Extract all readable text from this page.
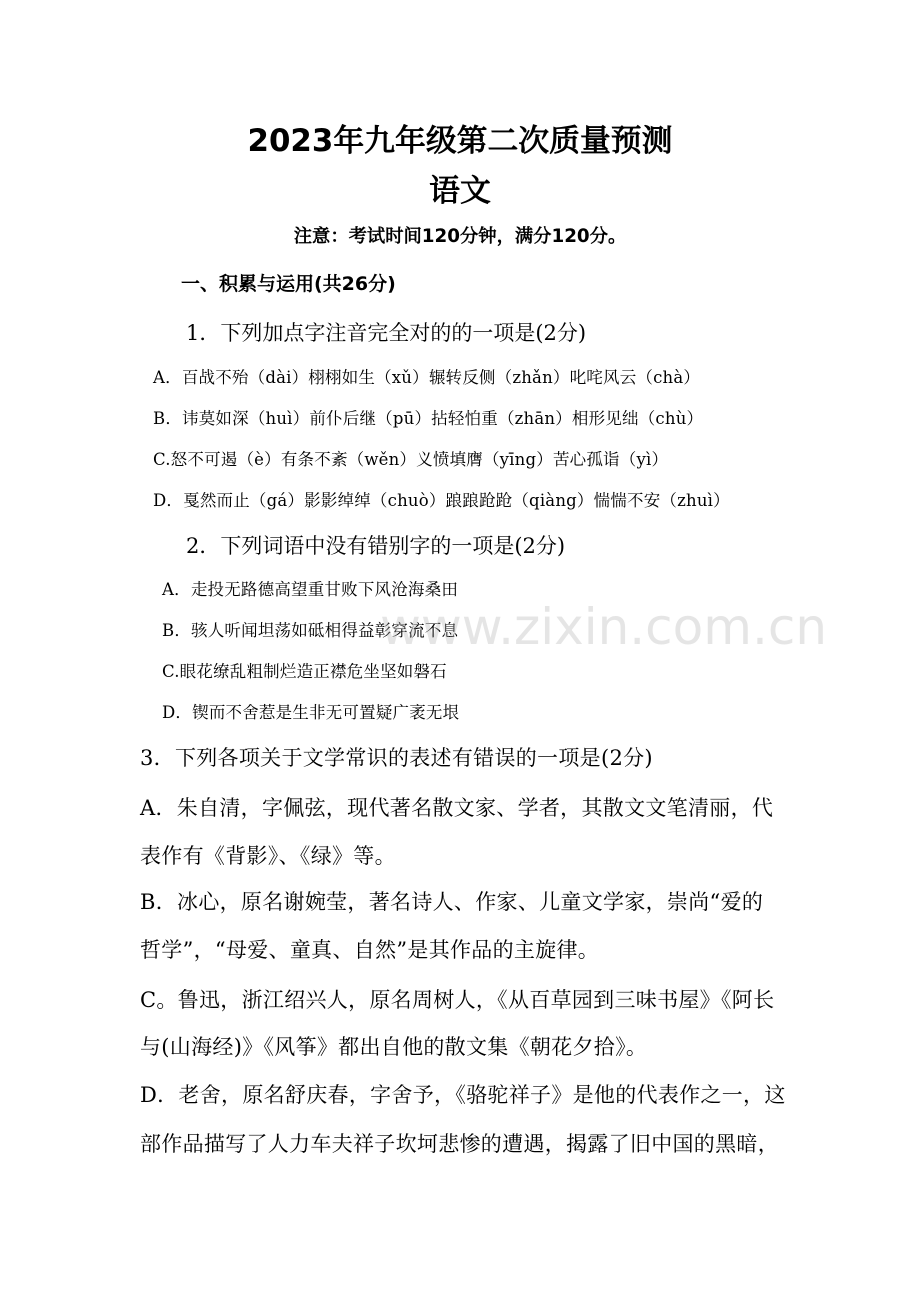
2023年九年级第二次质量预测
语文
注意：考试时间120分钟，满分120分。
一、积累与运用(共26分)
1．下列加点字注音完全对的的一项是(2分)
A．百战不殆（dài）栩栩如生（xǔ）辗转反侧（zhǎn）叱咤风云（chà）
B．讳莫如深（huì）前仆后继（pū）拈轻怕重（zhān）相形见绌（chù）
C.怒不可遏（è）有条不紊（wěn）义愤填膺（yīng）苦心孤诣（yì）
D．戛然而止（gá）影影绰绰（chuò）踉踉跄跄（qiàng）惴惴不安（zhuì）
2．下列词语中没有错别字的一项是(2分)
A．走投无路德高望重甘败下风沧海桑田
B．骇人听闻坦荡如砥相得益彰穿流不息
C.眼花缭乱粗制烂造正襟危坐坚如磐石
D．锲而不舍惹是生非无可置疑广袤无垠
3．下列各项关于文学常识的表述有错误的一项是(2分)
A．朱自清，字佩弦，现代著名散文家、学者，其散文文笔清丽，代
表作有《背影》、《绿》等。
B．冰心，原名谢婉莹，著名诗人、作家、儿童文学家，崇尚“爱的
哲学”，“母爱、童真、自然”是其作品的主旋律。
C。鲁迅，浙江绍兴人，原名周树人，《从百草园到三味书屋》《阿长
与(山海经)》《风筝》都出自他的散文集《朝花夕拾》。
D．老舍，原名舒庆春，字舍予，《骆驼祥子》是他的代表作之一，这
部作品描写了人力车夫祥子坎坷悲惨的遭遇，揭露了旧中国的黑暗，
www.zixin.com.cn
